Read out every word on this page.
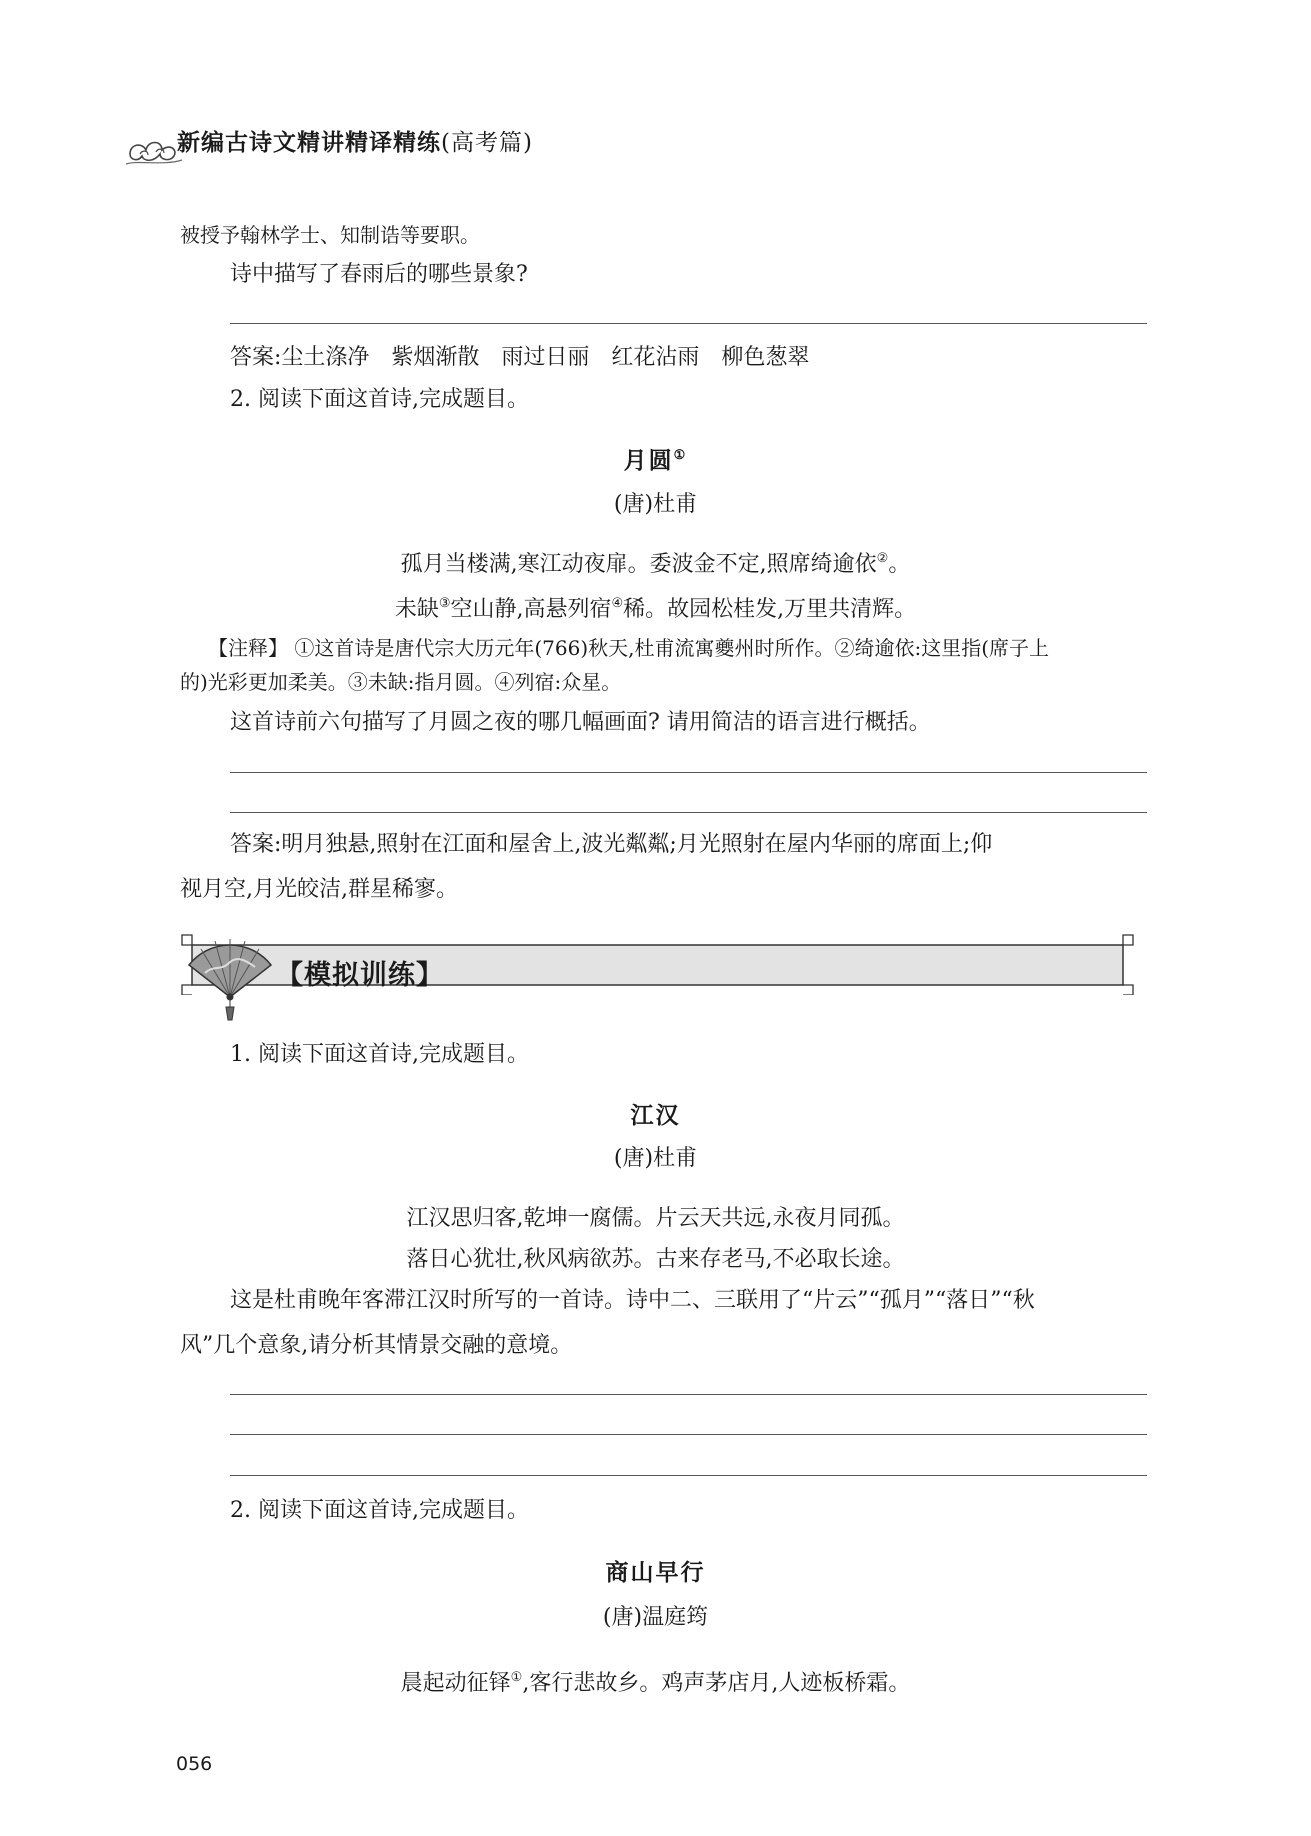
新编古诗文精讲精译精练(高考篇)
被授予翰林学士、知制诰等要职。
诗中描写了春雨后的哪些景象?
答案:尘土涤净　紫烟渐散　雨过日丽　红花沾雨　柳色葱翠
2. 阅读下面这首诗,完成题目。
月圆①
(唐)杜甫
孤月当楼满,寒江动夜扉。委波金不定,照席绮逾依②。
未缺③空山静,高悬列宿④稀。故园松桂发,万里共清辉。
【注释】 ①这首诗是唐代宗大历元年(766)秋天,杜甫流寓夔州时所作。②绮逾依:这里指(席子上
的)光彩更加柔美。③未缺:指月圆。④列宿:众星。
这首诗前六句描写了月圆之夜的哪几幅画面? 请用简洁的语言进行概括。
答案:明月独悬,照射在江面和屋舍上,波光粼粼;月光照射在屋内华丽的席面上;仰
视月空,月光皎洁,群星稀寥。
【模拟训练】
1. 阅读下面这首诗,完成题目。
江汉
(唐)杜甫
江汉思归客,乾坤一腐儒。片云天共远,永夜月同孤。
落日心犹壮,秋风病欲苏。古来存老马,不必取长途。
这是杜甫晚年客滞江汉时所写的一首诗。诗中二、三联用了“片云”“孤月”“落日”“秋
风”几个意象,请分析其情景交融的意境。
2. 阅读下面这首诗,完成题目。
商山早行
(唐)温庭筠
晨起动征铎①,客行悲故乡。鸡声茅店月,人迹板桥霜。
056
